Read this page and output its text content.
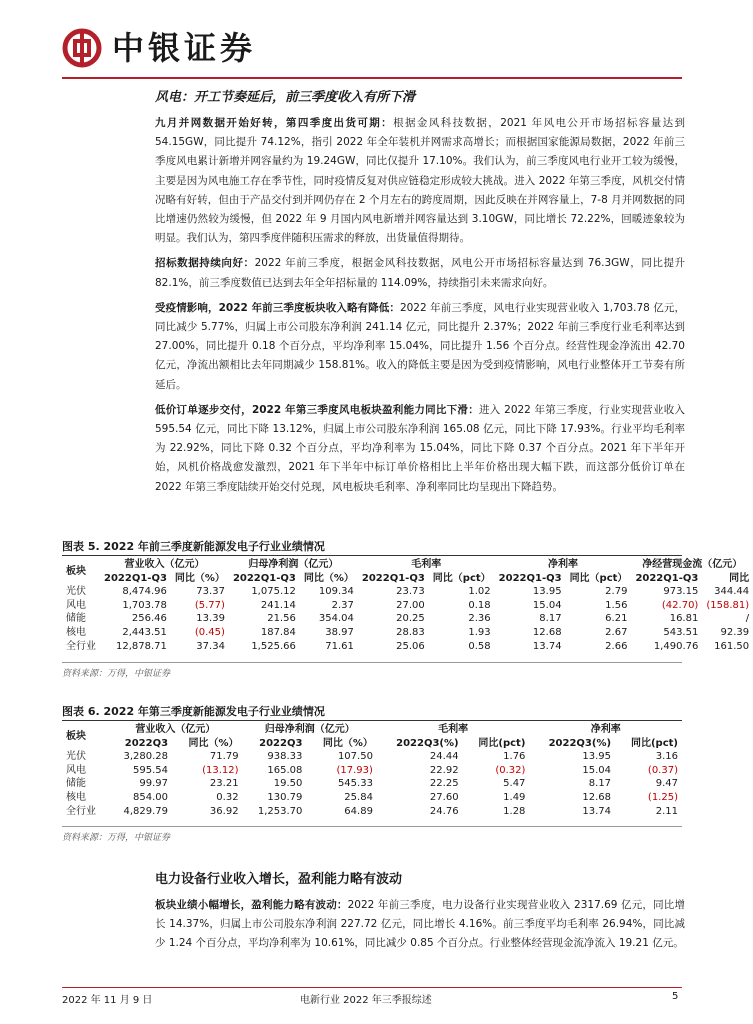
中银证券
风电：开工节奏延后，前三季度收入有所下滑

九月并网数据开始好转，第四季度出货可期：根据金风科技数据，2021 年风电公开市场招标容量达到 54.15GW，同比提升 74.12%，指引 2022 年全年装机并网需求高增长；而根据国家能源局数据，2022 年前三季度风电累计新增并网容量约为 19.24GW，同比仅提升 17.10%。我们认为，前三季度风电行业开工较为缓慢，主要是因为风电施工存在季节性，同时疫情反复对供应链稳定形成较大挑战。进入 2022 年第三季度，风机交付情况略有好转，但由于产品交付到并网仍存在 2 个月左右的跨度周期，因此反映在并网容量上，7-8 月并网数据的同比增速仍然较为缓慢，但 2022 年 9 月国内风电新增并网容量达到 3.10GW，同比增长 72.22%，回暖迹象较为明显。我们认为，第四季度伴随积压需求的释放，出货量值得期待。

招标数据持续向好：2022 年前三季度，根据金风科技数据，风电公开市场招标容量达到 76.3GW，同比提升 82.1%，前三季度数值已达到去年全年招标量的 114.09%，持续指引未来需求向好。

受疫情影响，2022 年前三季度板块收入略有降低：2022 年前三季度，风电行业实现营业收入 1,703.78 亿元，同比减少 5.77%，归属上市公司股东净利润 241.14 亿元，同比提升 2.37%；2022 年前三季度行业毛利率达到 27.00%，同比提升 0.18 个百分点，平均净利率 15.04%，同比提升 1.56 个百分点。经营性现金净流出 42.70 亿元，净流出额相比去年同期减少 158.81%。收入的降低主要是因为受到疫情影响，风电行业整体开工节奏有所延后。

低价订单逐步交付，2022 年第三季度风电板块盈利能力同比下滑：进入 2022 年第三季度，行业实现营业收入 595.54 亿元，同比下降 13.12%，归属上市公司股东净利润 165.08 亿元，同比下降 17.93%。行业平均毛利率为 22.92%，同比下降 0.32 个百分点，平均净利率为 15.04%，同比下降 0.37 个百分点。2021 年下半年开始，风机价格战愈发激烈，2021 年下半年中标订单价格相比上半年价格出现大幅下跌，而这部分低价订单在 2022 年第三季度陆续开始交付兑现，风电板块毛利率、净利率同比均呈现出下降趋势。

图表 5. 2022 年前三季度新能源发电子行业业绩情况
板块	营业收入（亿元）		归母净利润（亿元）		毛利率		净利率		净经营现金流（亿元）	
	2022Q1-Q3	同比（%）	2022Q1-Q3	同比（%）	2022Q1-Q3	同比（pct）	2022Q1-Q3	同比（pct）	2022Q1-Q3	同比
光伏	8,474.96	73.37	1,075.12	109.34	23.73	1.02	13.95	2.79	973.15	344.44
风电	1,703.78	(5.77)	241.14	2.37	27.00	0.18	15.04	1.56	(42.70)	(158.81)
储能	256.46	13.39	21.56	354.04	20.25	2.36	8.17	6.21	16.81	/
核电	2,443.51	(0.45)	187.84	38.97	28.83	1.93	12.68	2.67	543.51	92.39
全行业	12,878.71	37.34	1,525.66	71.61	25.06	0.58	13.74	2.66	1,490.76	161.50
资料来源：万得，中银证券
图表 6. 2022 年第三季度新能源发电子行业业绩情况
板块	营业收入（亿元）		归母净利润（亿元）		毛利率		净利率	
	2022Q3	同比（%）	2022Q3	同比（%）	2022Q3(%)	同比(pct)	2022Q3(%)	同比(pct)
光伏	3,280.28	71.79	938.33	107.50	24.44	1.76	13.95	3.16
风电	595.54	(13.12)	165.08	(17.93)	22.92	(0.32)	15.04	(0.37)
储能	99.97	23.21	19.50	545.33	22.25	5.47	8.17	9.47
核电	854.00	0.32	130.79	25.84	27.60	1.49	12.68	(1.25)
全行业	4,829.79	36.92	1,253.70	64.89	24.76	1.28	13.74	2.11
资料来源：万得，中银证券
电力设备行业收入增长，盈利能力略有波动

板块业绩小幅增长，盈利能力略有波动：2022 年前三季度，电力设备行业实现营业收入 2317.69 亿元，同比增长 14.37%，归属上市公司股东净利润 227.72 亿元，同比增长 4.16%。前三季度平均毛利率 26.94%，同比减少 1.24 个百分点，平均净利率为 10.61%，同比减少 0.85 个百分点。行业整体经营现金流净流入 19.21 亿元。

2022 年 11 月 9 日	电新行业 2022 年三季报综述	5
